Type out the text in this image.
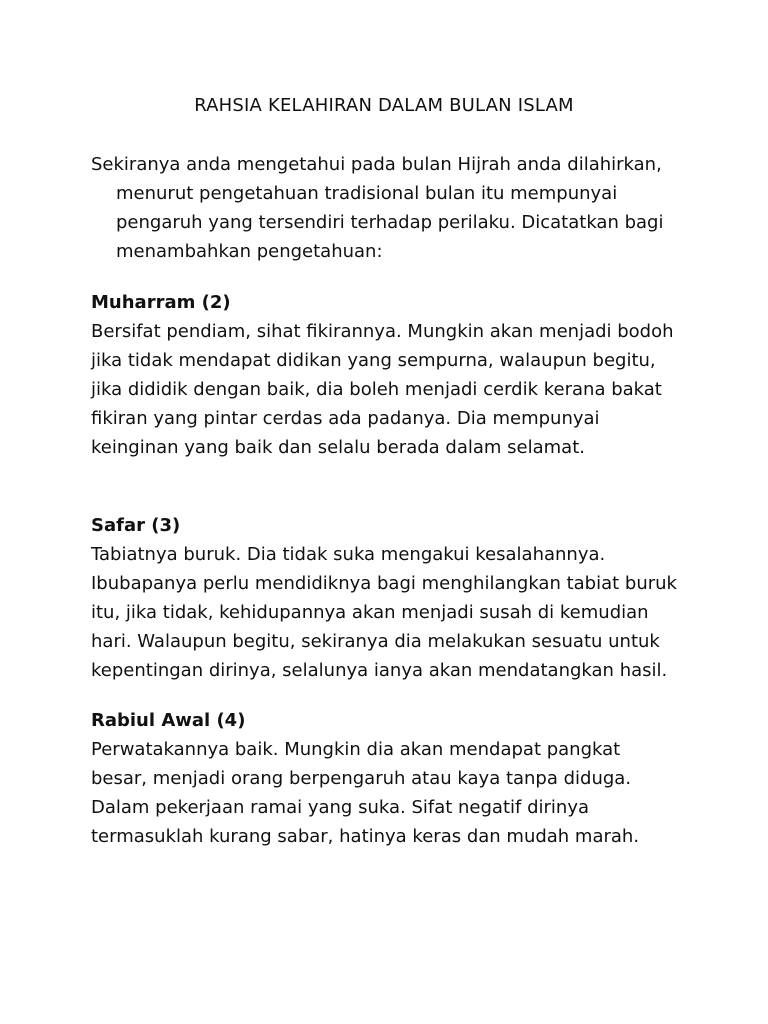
RAHSIA KELAHIRAN DALAM BULAN ISLAM
Sekiranya anda mengetahui pada bulan Hijrah anda dilahirkan,
menurut pengetahuan tradisional bulan itu mempunyai pengaruh yang tersendiri terhadap perilaku. Dicatatkan bagi menambahkan pengetahuan:

Muharram (2)

Bersifat pendiam, sihat fikirannya. Mungkin akan menjadi bodoh jika tidak mendapat didikan yang sempurna, walaupun begitu, jika dididik dengan baik, dia boleh menjadi cerdik kerana bakat fikiran yang pintar cerdas ada padanya. Dia mempunyai keinginan yang baik dan selalu berada dalam selamat.

Safar (3)

Tabiatnya buruk. Dia tidak suka mengakui kesalahannya. Ibubapanya perlu mendidiknya bagi menghilangkan tabiat buruk itu, jika tidak, kehidupannya akan menjadi susah di kemudian hari. Walaupun begitu, sekiranya dia melakukan sesuatu untuk kepentingan dirinya, selalunya ianya akan mendatangkan hasil.

Rabiul Awal (4)

Perwatakannya baik. Mungkin dia akan mendapat pangkat besar, menjadi orang berpengaruh atau kaya tanpa diduga. Dalam pekerjaan ramai yang suka. Sifat negatif dirinya termasuklah kurang sabar, hatinya keras dan mudah marah.
